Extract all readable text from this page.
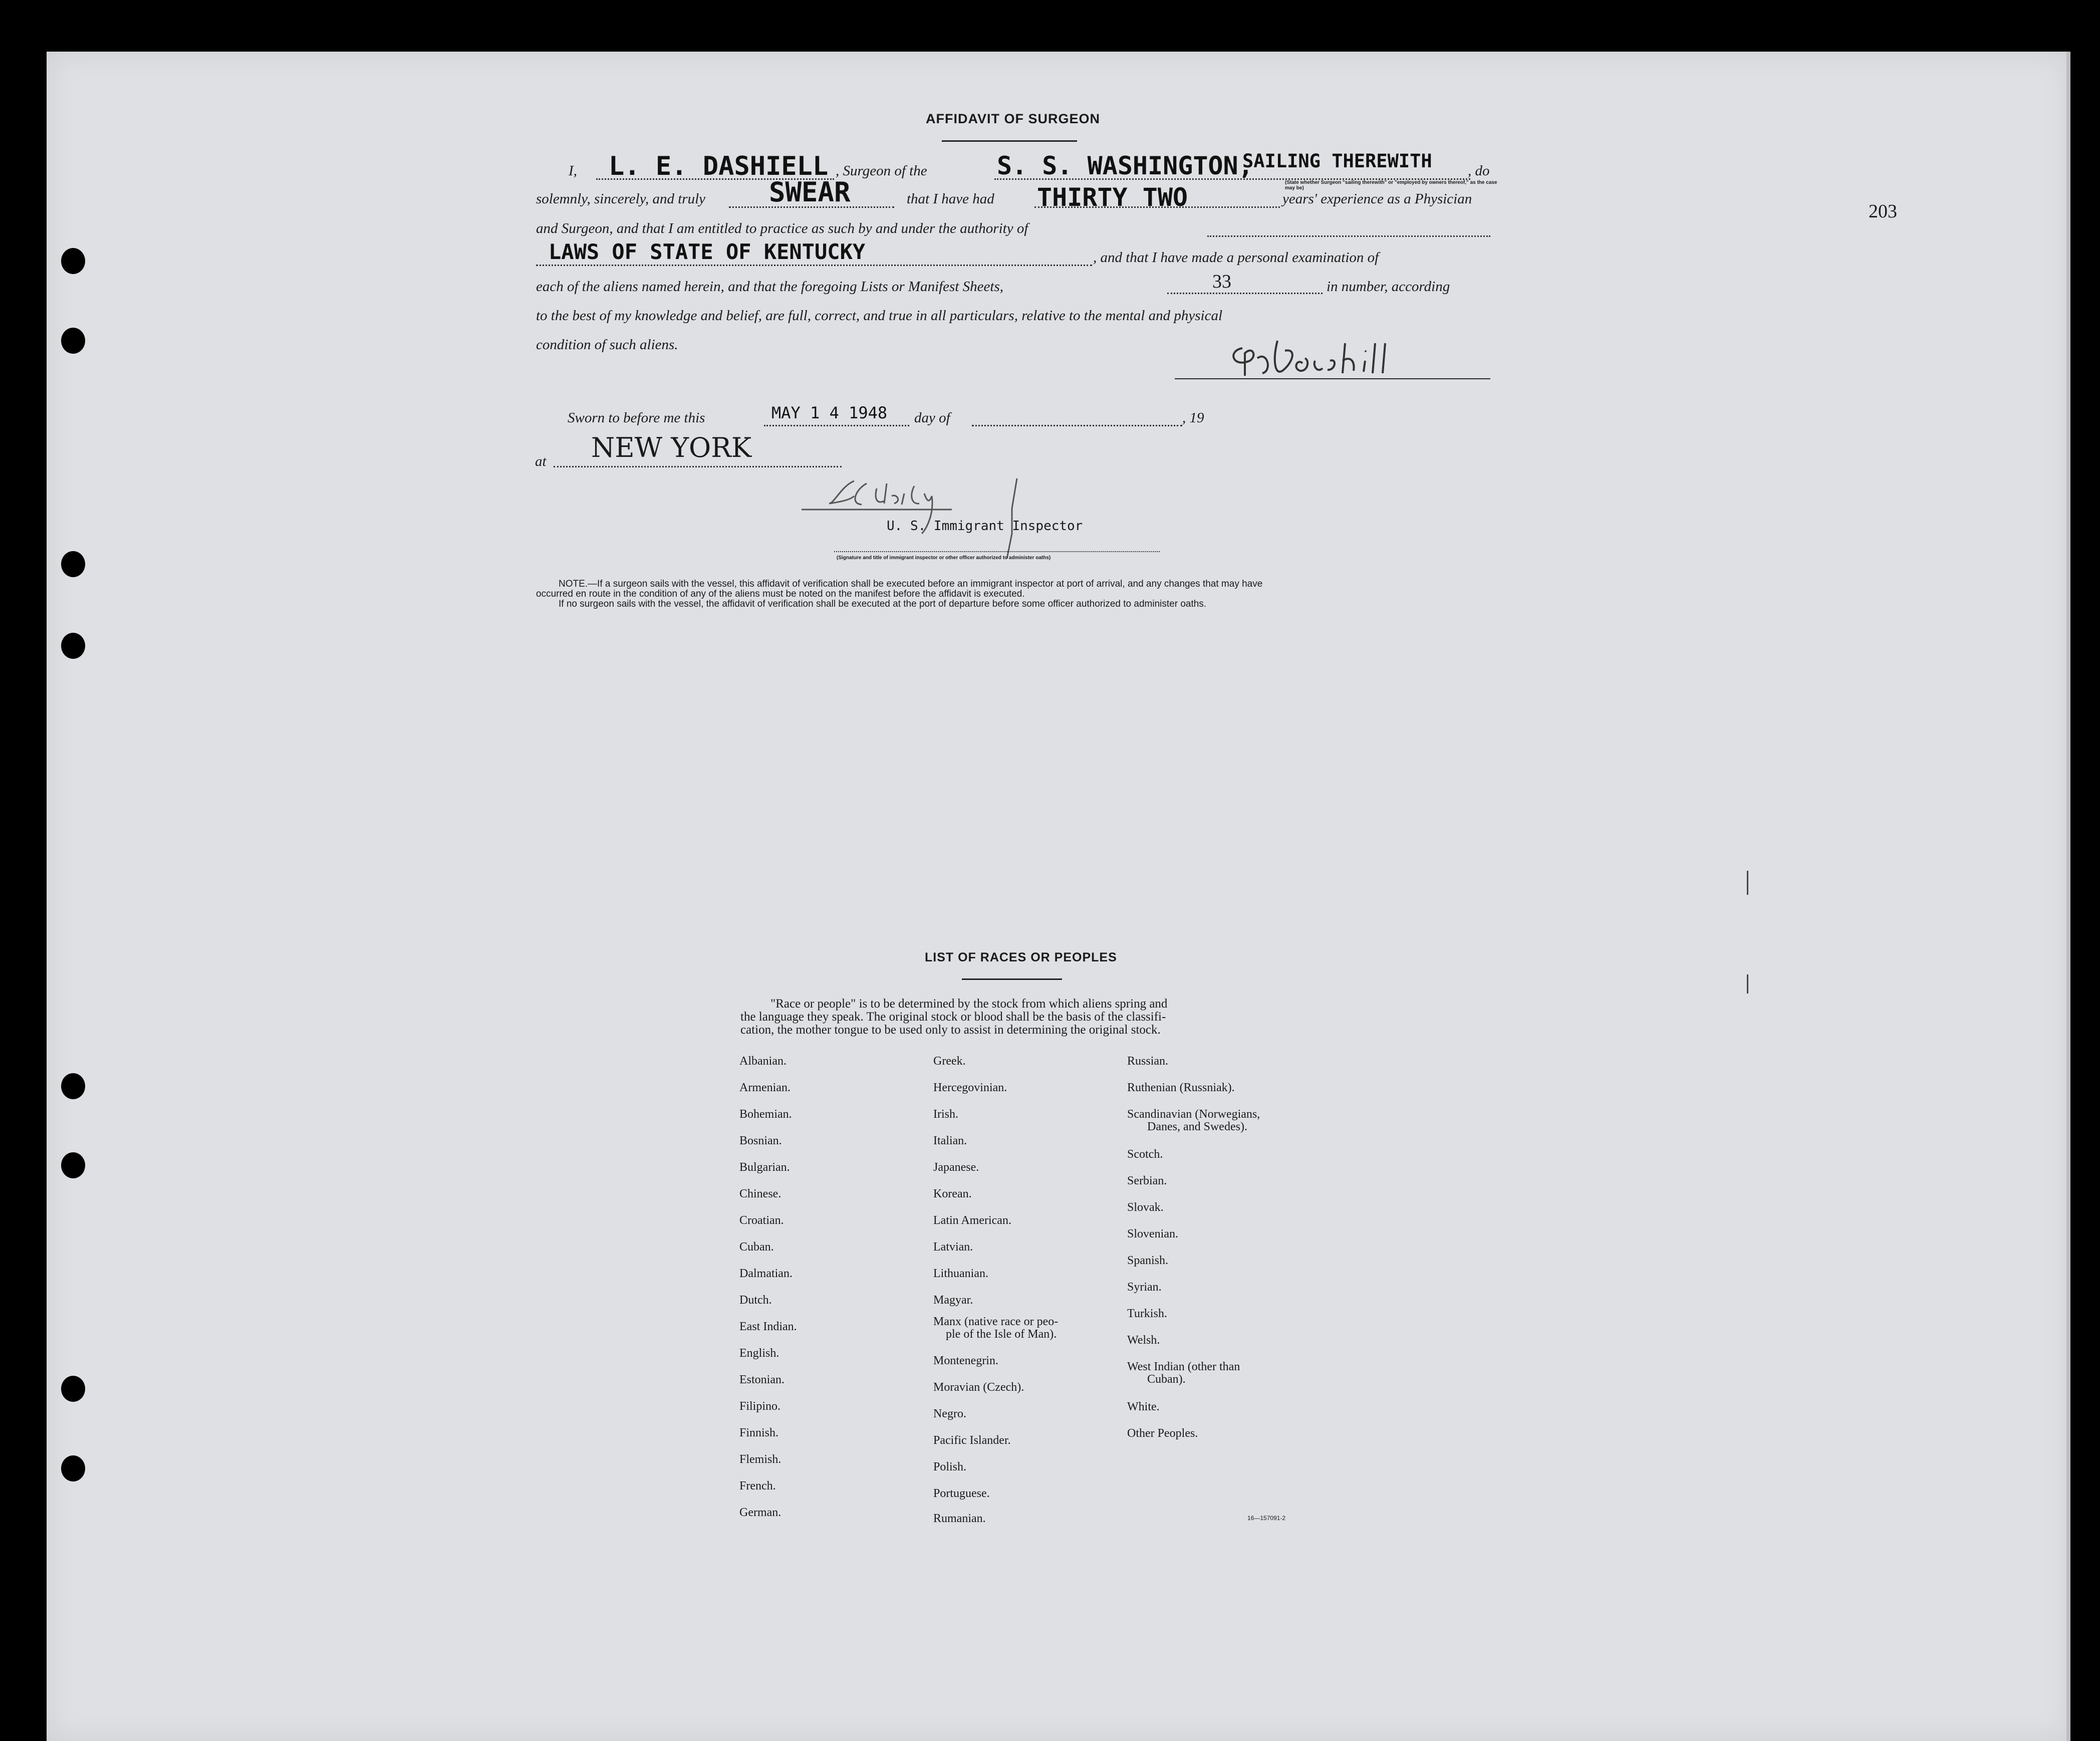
203
AFFIDAVIT OF SURGEON
I, L. E. DASHIELL , Surgeon of the	S. S. WASHINGTON,
SAILING THEREWITH
(State whether Surgeon "sailing therewith" or "employed by owners thereof," as the case may be)
, do
solemnly, sincerely, and truly SWEAR	that I have had THIRTY TWO	years' experience as a Physician
and Surgeon, and that I am entitled to practice as such by and under the authority of
LAWS OF STATE OF KENTUCKY	, and that I have made a personal examination of
each of the aliens named herein, and that the foregoing Lists or Manifest Sheets,	33	in number, according
to the best of my knowledge and belief, are full, correct, and true in all particulars, relative to the mental and physical
condition of such aliens.
Sworn to before me this	MAY 1 4 1948 day of	, 19
at NEW YORK
U. S. Immigrant Inspector
(Signature and title of immigrant inspector or other officer authorized to administer oaths)
NOTE.—If a surgeon sails with the vessel, this affidavit of verification shall be executed before an immigrant inspector at port of arrival, and any changes that may have
occurred en route in the condition of any of the aliens must be noted on the manifest before the affidavit is executed.
If no surgeon sails with the vessel, the affidavit of verification shall be executed at the port of departure before some officer authorized to administer oaths.
LIST OF RACES OR PEOPLES
"Race or people" is to be determined by the stock from which aliens spring and
the language they speak. The original stock or blood shall be the basis of the classifi-
cation, the mother tongue to be used only to assist in determining the original stock.
Albanian.
Armenian.
Bohemian.
Bosnian.
Bulgarian.
Chinese.
Croatian.
Cuban.
Dalmatian.
Dutch.
East Indian.
English.
Estonian.
Filipino.
Finnish.
Flemish.
French.
German.
Greek.
Hercegovinian.
Irish.
Italian.
Japanese.
Korean.
Latin American.
Latvian.
Lithuanian.
Magyar.
Manx (native race or peo-
ple of the Isle of Man).
Montenegrin.
Moravian (Czech).
Negro.
Pacific Islander.
Polish.
Portuguese.
Rumanian.
Russian.
Ruthenian (Russniak).
Scandinavian (Norwegians,
Danes, and Swedes).
Scotch.
Serbian.
Slovak.
Slovenian.
Spanish.
Syrian.
Turkish.
Welsh.
West Indian (other than
Cuban).
White.
Other Peoples.
16—157091-2
